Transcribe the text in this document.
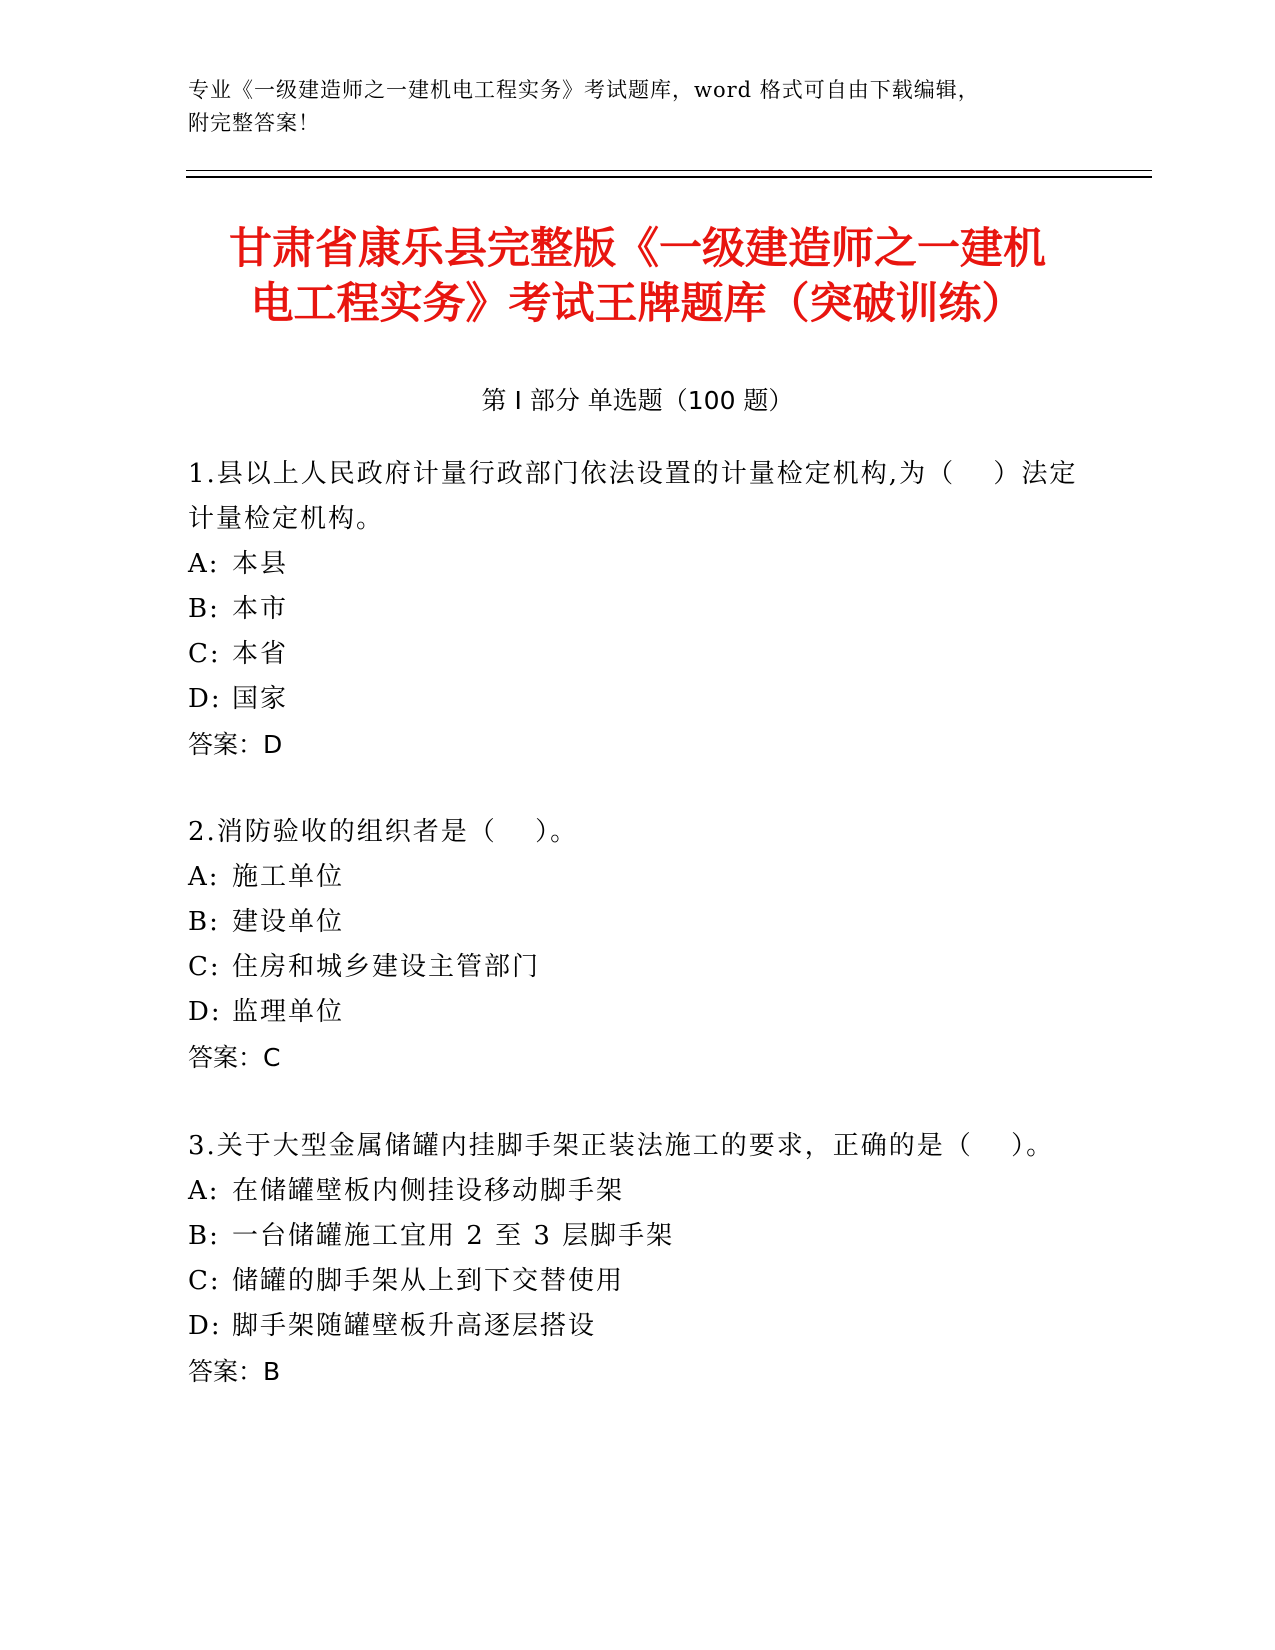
专业《一级建造师之一建机电工程实务》考试题库，word 格式可自由下载编辑，
附完整答案！
甘肃省康乐县完整版《一级建造师之一建机
电工程实务》考试王牌题库（突破训练）
第 I 部分 单选题（100 题）
1.县以上人民政府计量行政部门依法设置的计量检定机构,为（　 ）法定计量检定机构。
A: 本县
B: 本市
C: 本省
D: 国家
答案：D
2.消防验收的组织者是（　 ）。
A: 施工单位
B: 建设单位
C: 住房和城乡建设主管部门
D: 监理单位
答案：C
3.关于大型金属储罐内挂脚手架正装法施工的要求，正确的是（　 ）。
A: 在储罐壁板内侧挂设移动脚手架
B: 一台储罐施工宜用 2 至 3 层脚手架
C: 储罐的脚手架从上到下交替使用
D: 脚手架随罐壁板升高逐层搭设
答案：B
